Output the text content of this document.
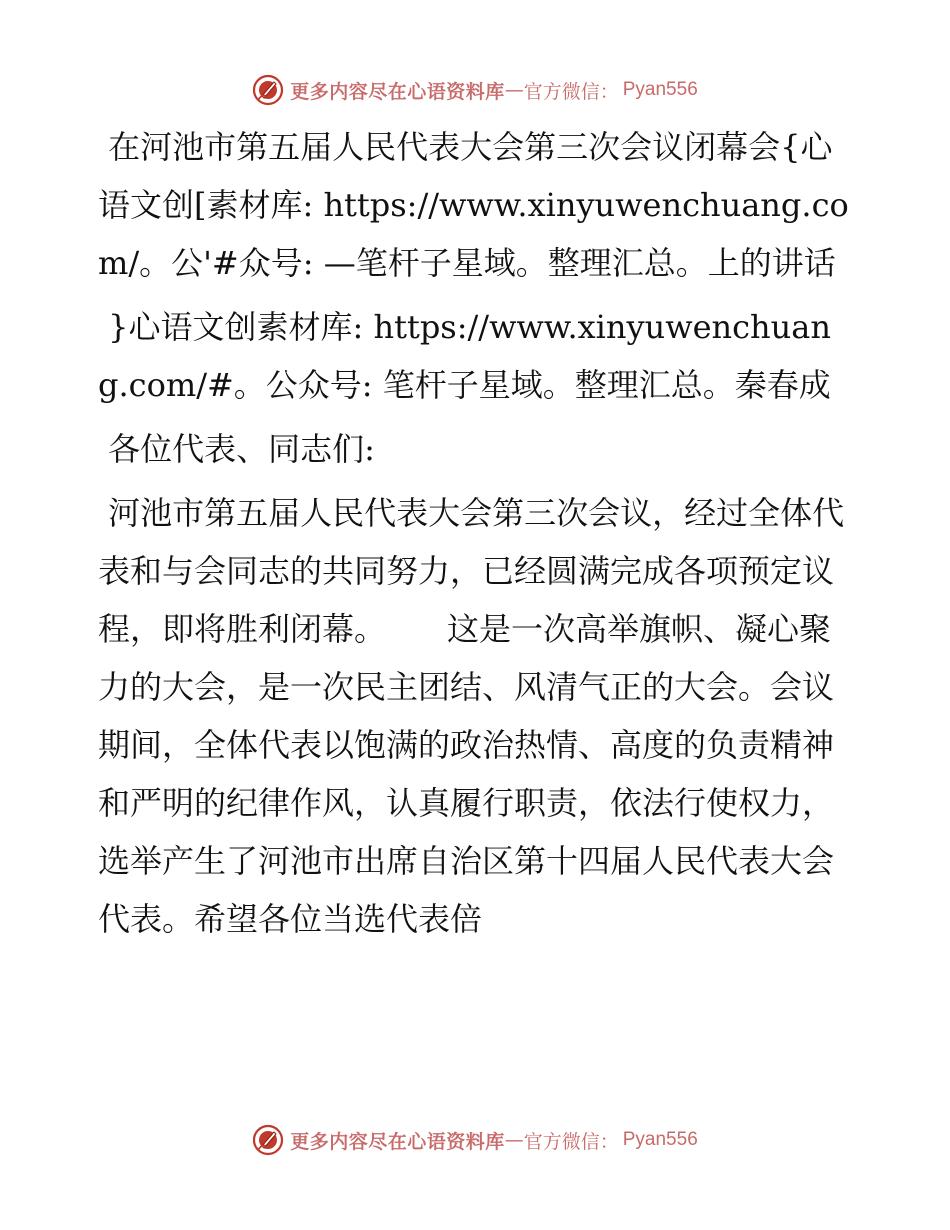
更多内容尽在心语资料库 — 官方微信： Pyan556

在河池市第五届人民代表大会第三次会议闭幕会{心语文创[素材库: https://www.xinyuwenchuang.com/。公'#众号: —笔杆子星域。整理汇总。上的讲话

}心语文创素材库: https://www.xinyuwenchuang.com/#。公众号: 笔杆子星域。整理汇总。秦春成

各位代表、同志们:

河池市第五届人民代表大会第三次会议，经过全体代表和与会同志的共同努力，已经圆满完成各项预定议程，即将胜利闭幕。      这是一次高举旗帜、凝心聚力的大会，是一次民主团结、风清气正的大会。会议期间，全体代表以饱满的政治热情、高度的负责精神和严明的纪律作风，认真履行职责，依法行使权力，选举产生了河池市出席自治区第十四届人民代表大会代表。希望各位当选代表倍

更多内容尽在心语资料库 — 官方微信： Pyan556
